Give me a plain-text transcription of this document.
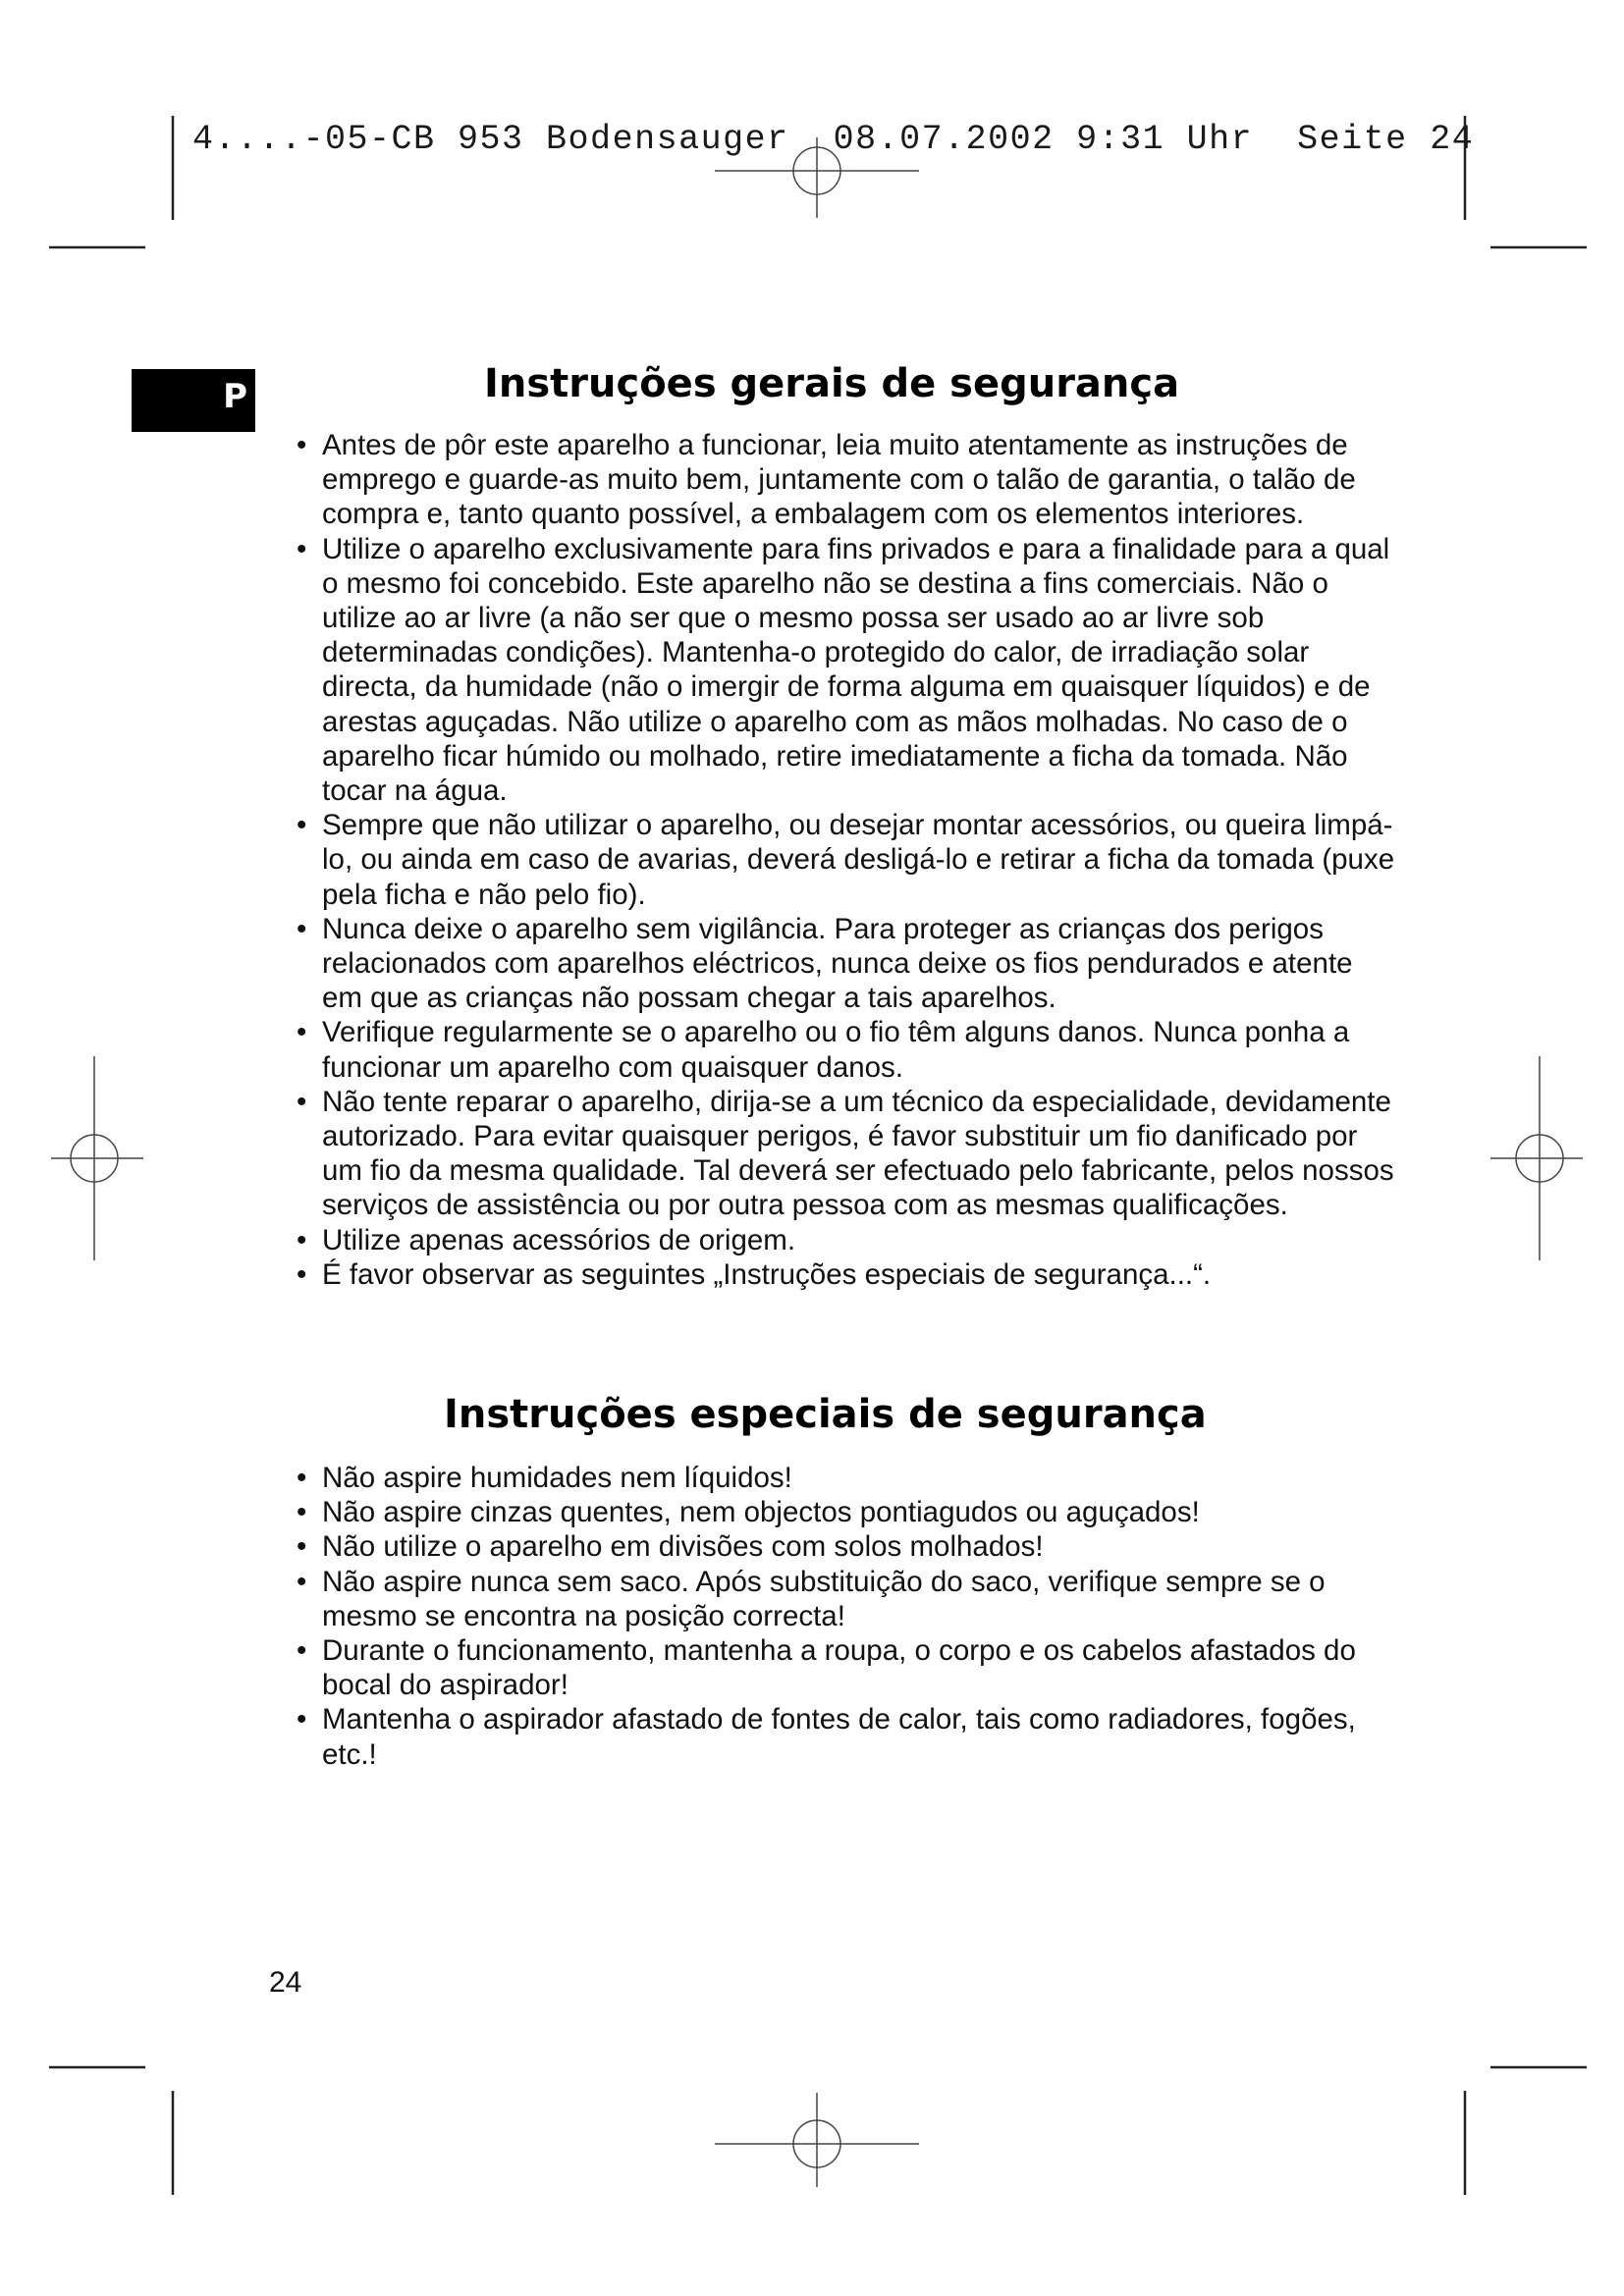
4....-05-CB 953 Bodensauger  08.07.2002 9:31 Uhr  Seite 24
P	Instruções gerais de segurança
• Antes de pôr este aparelho a funcionar, leia muito atentamente as instruções de emprego e guarde-as muito bem, juntamente com o talão de garantia, o talão de compra e, tanto quanto possível, a embalagem com os elementos interiores.
• Utilize o aparelho exclusivamente para fins privados e para a finalidade para a qual o mesmo foi concebido. Este aparelho não se destina a fins comerciais. Não o utilize ao ar livre (a não ser que o mesmo possa ser usado ao ar livre sob determinadas condições). Mantenha-o protegido do calor, de irradiação solar directa, da humidade (não o imergir de forma alguma em quaisquer líquidos) e de arestas aguçadas. Não utilize o aparelho com as mãos molhadas. No caso de o aparelho ficar húmido ou molhado, retire imediatamente a ficha da tomada. Não tocar na água.
• Sempre que não utilizar o aparelho, ou desejar montar acessórios, ou queira limpá-lo, ou ainda em caso de avarias, deverá desligá-lo e retirar a ficha da tomada (puxe pela ficha e não pelo fio).
• Nunca deixe o aparelho sem vigilância. Para proteger as crianças dos perigos relacionados com aparelhos eléctricos, nunca deixe os fios pendurados e atente em que as crianças não possam chegar a tais aparelhos.
• Verifique regularmente se o aparelho ou o fio têm alguns danos. Nunca ponha a funcionar um aparelho com quaisquer danos.
• Não tente reparar o aparelho, dirija-se a um técnico da especialidade, devidamente autorizado. Para evitar quaisquer perigos, é favor substituir um fio danificado por um fio da mesma qualidade. Tal deverá ser efectuado pelo fabricante, pelos nossos serviços de assistência ou por outra pessoa com as mesmas qualificações.
• Utilize apenas acessórios de origem.
• É favor observar as seguintes „Instruções especiais de segurança...“.
Instruções especiais de segurança
• Não aspire humidades nem líquidos!
• Não aspire cinzas quentes, nem objectos pontiagudos ou aguçados!
• Não utilize o aparelho em divisões com solos molhados!
• Não aspire nunca sem saco. Após substituição do saco, verifique sempre se o mesmo se encontra na posição correcta!
• Durante o funcionamento, mantenha a roupa, o corpo e os cabelos afastados do bocal do aspirador!
• Mantenha o aspirador afastado de fontes de calor, tais como radiadores, fogões, etc.!
24
